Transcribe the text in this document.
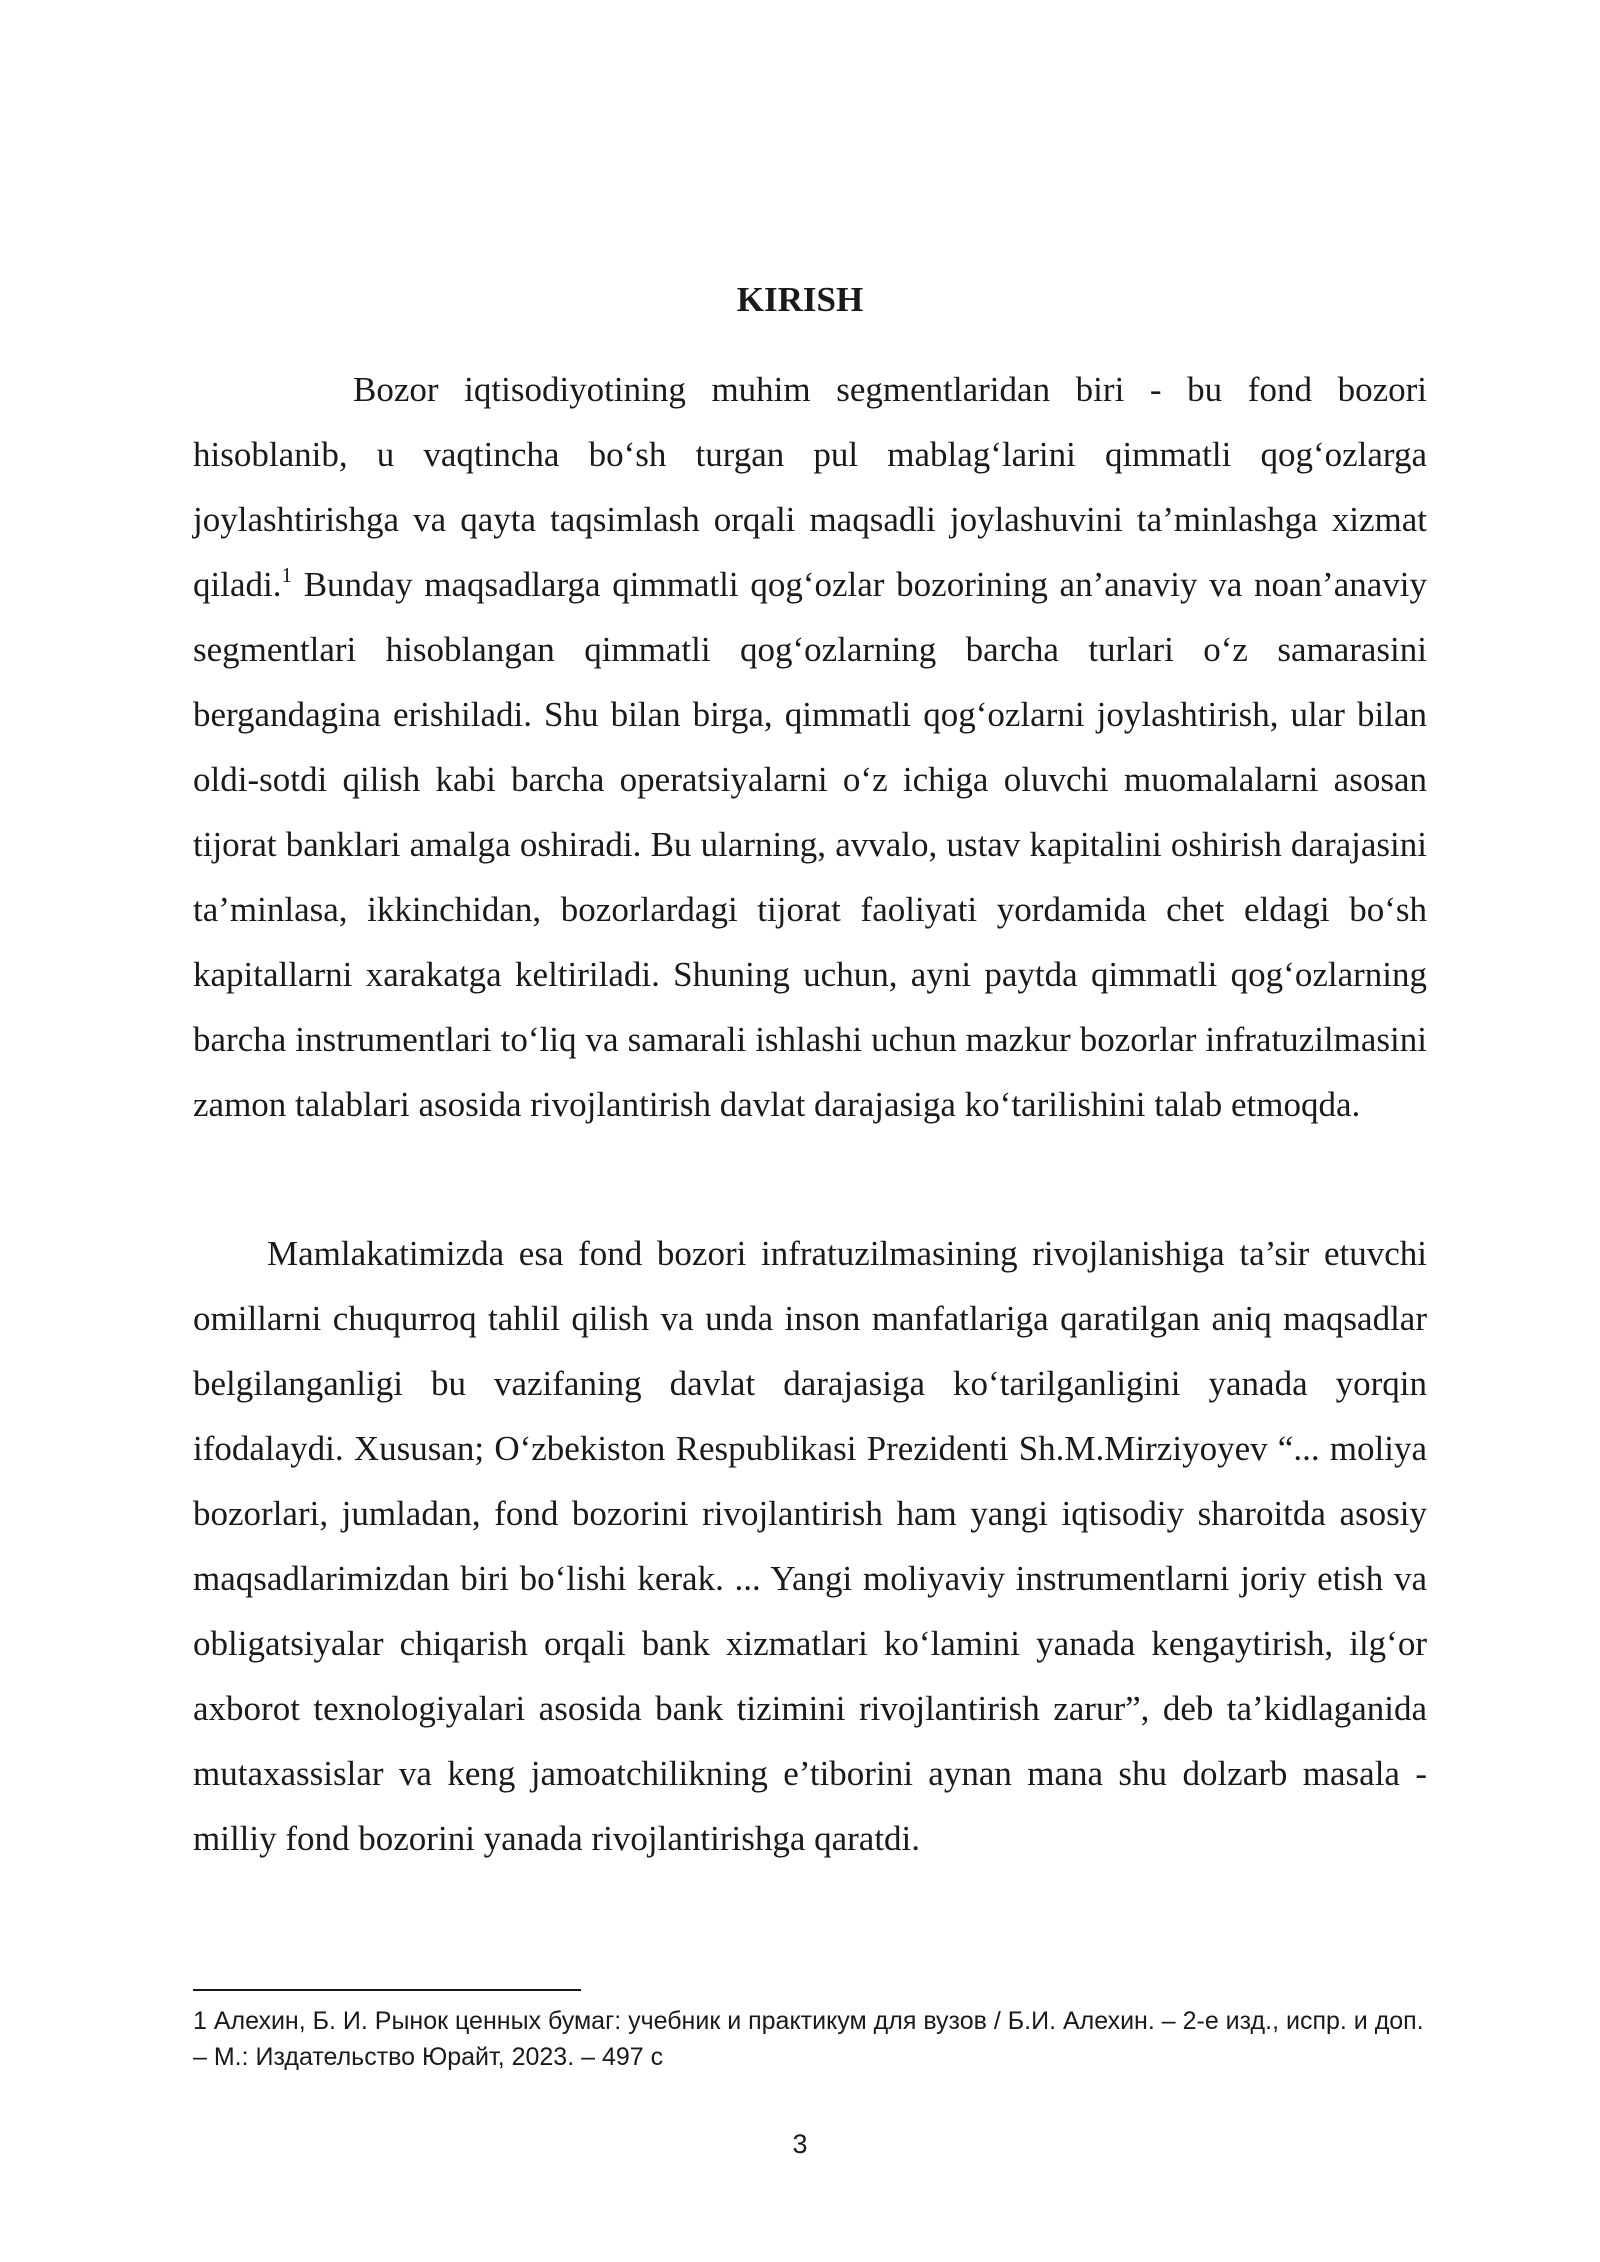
KIRISH

Bozor iqtisodiyotining muhim segmentlaridan biri - bu fond bozori hisoblanib, u vaqtincha bo‘sh turgan pul mablag‘larini qimmatli qog‘ozlarga joylashtirishga va qayta taqsimlash orqali maqsadli joylashuvini ta’minlashga xizmat qiladi.$^1$ Bunday maqsadlarga qimmatli qog‘ozlar bozorining an’anaviy va noan’anaviy segmentlari hisoblangan qimmatli qog‘ozlarning barcha turlari o‘z samarasini bergandagina erishiladi. Shu bilan birga, qimmatli qog‘ozlarni joylashtirish, ular bilan oldi-sotdi qilish kabi barcha operatsiyalarni o‘z ichiga oluvchi muomalalarni asosan tijorat banklari amalga oshiradi. Bu ularning, avvalo, ustav kapitalini oshirish darajasini ta’minlasa, ikkinchidan, bozorlardagi tijorat faoliyati yordamida chet eldagi bo‘sh kapitallarni xarakatga keltiriladi. Shuning uchun, ayni paytda qimmatli qog‘ozlarning barcha instrumentlari to‘liq va samarali ishlashi uchun mazkur bozorlar infratuzilmasini zamon talablari asosida rivojlantirish davlat darajasiga ko‘tarilishini talab etmoqda.

Mamlakatimizda esa fond bozori infratuzilmasining rivojlanishiga ta’sir etuvchi omillarni chuqurroq tahlil qilish va unda inson manfatlariga qaratilgan aniq maqsadlar belgilanganligi bu vazifaning davlat darajasiga ko‘tarilganligini yanada yorqin ifodalaydi. Xususan; O‘zbekiston Respublikasi Prezidenti Sh.M.Mirziyoyev “... moliya bozorlari, jumladan, fond bozorini rivojlantirish ham yangi iqtisodiy sharoitda asosiy maqsadlarimizdan biri bo‘lishi kerak. ... Yangi moliyaviy instrumentlarni joriy etish va obligatsiyalar chiqarish orqali bank xizmatlari ko‘lamini yanada kengaytirish, ilg‘or axborot texnologiyalari asosida bank tizimini rivojlantirish zarur”, deb ta’kidlaganida mutaxassislar va keng jamoatchilikning e’tiborini aynan mana shu dolzarb masala - milliy fond bozorini yanada rivojlantirishga qaratdi.

1 Алехин, Б. И. Рынок ценных бумаг: учебник и практикум для вузов / Б.И. Алехин. – 2-е изд., испр. и доп. – М.: Издательство Юрайт, 2023. – 497 с

3
